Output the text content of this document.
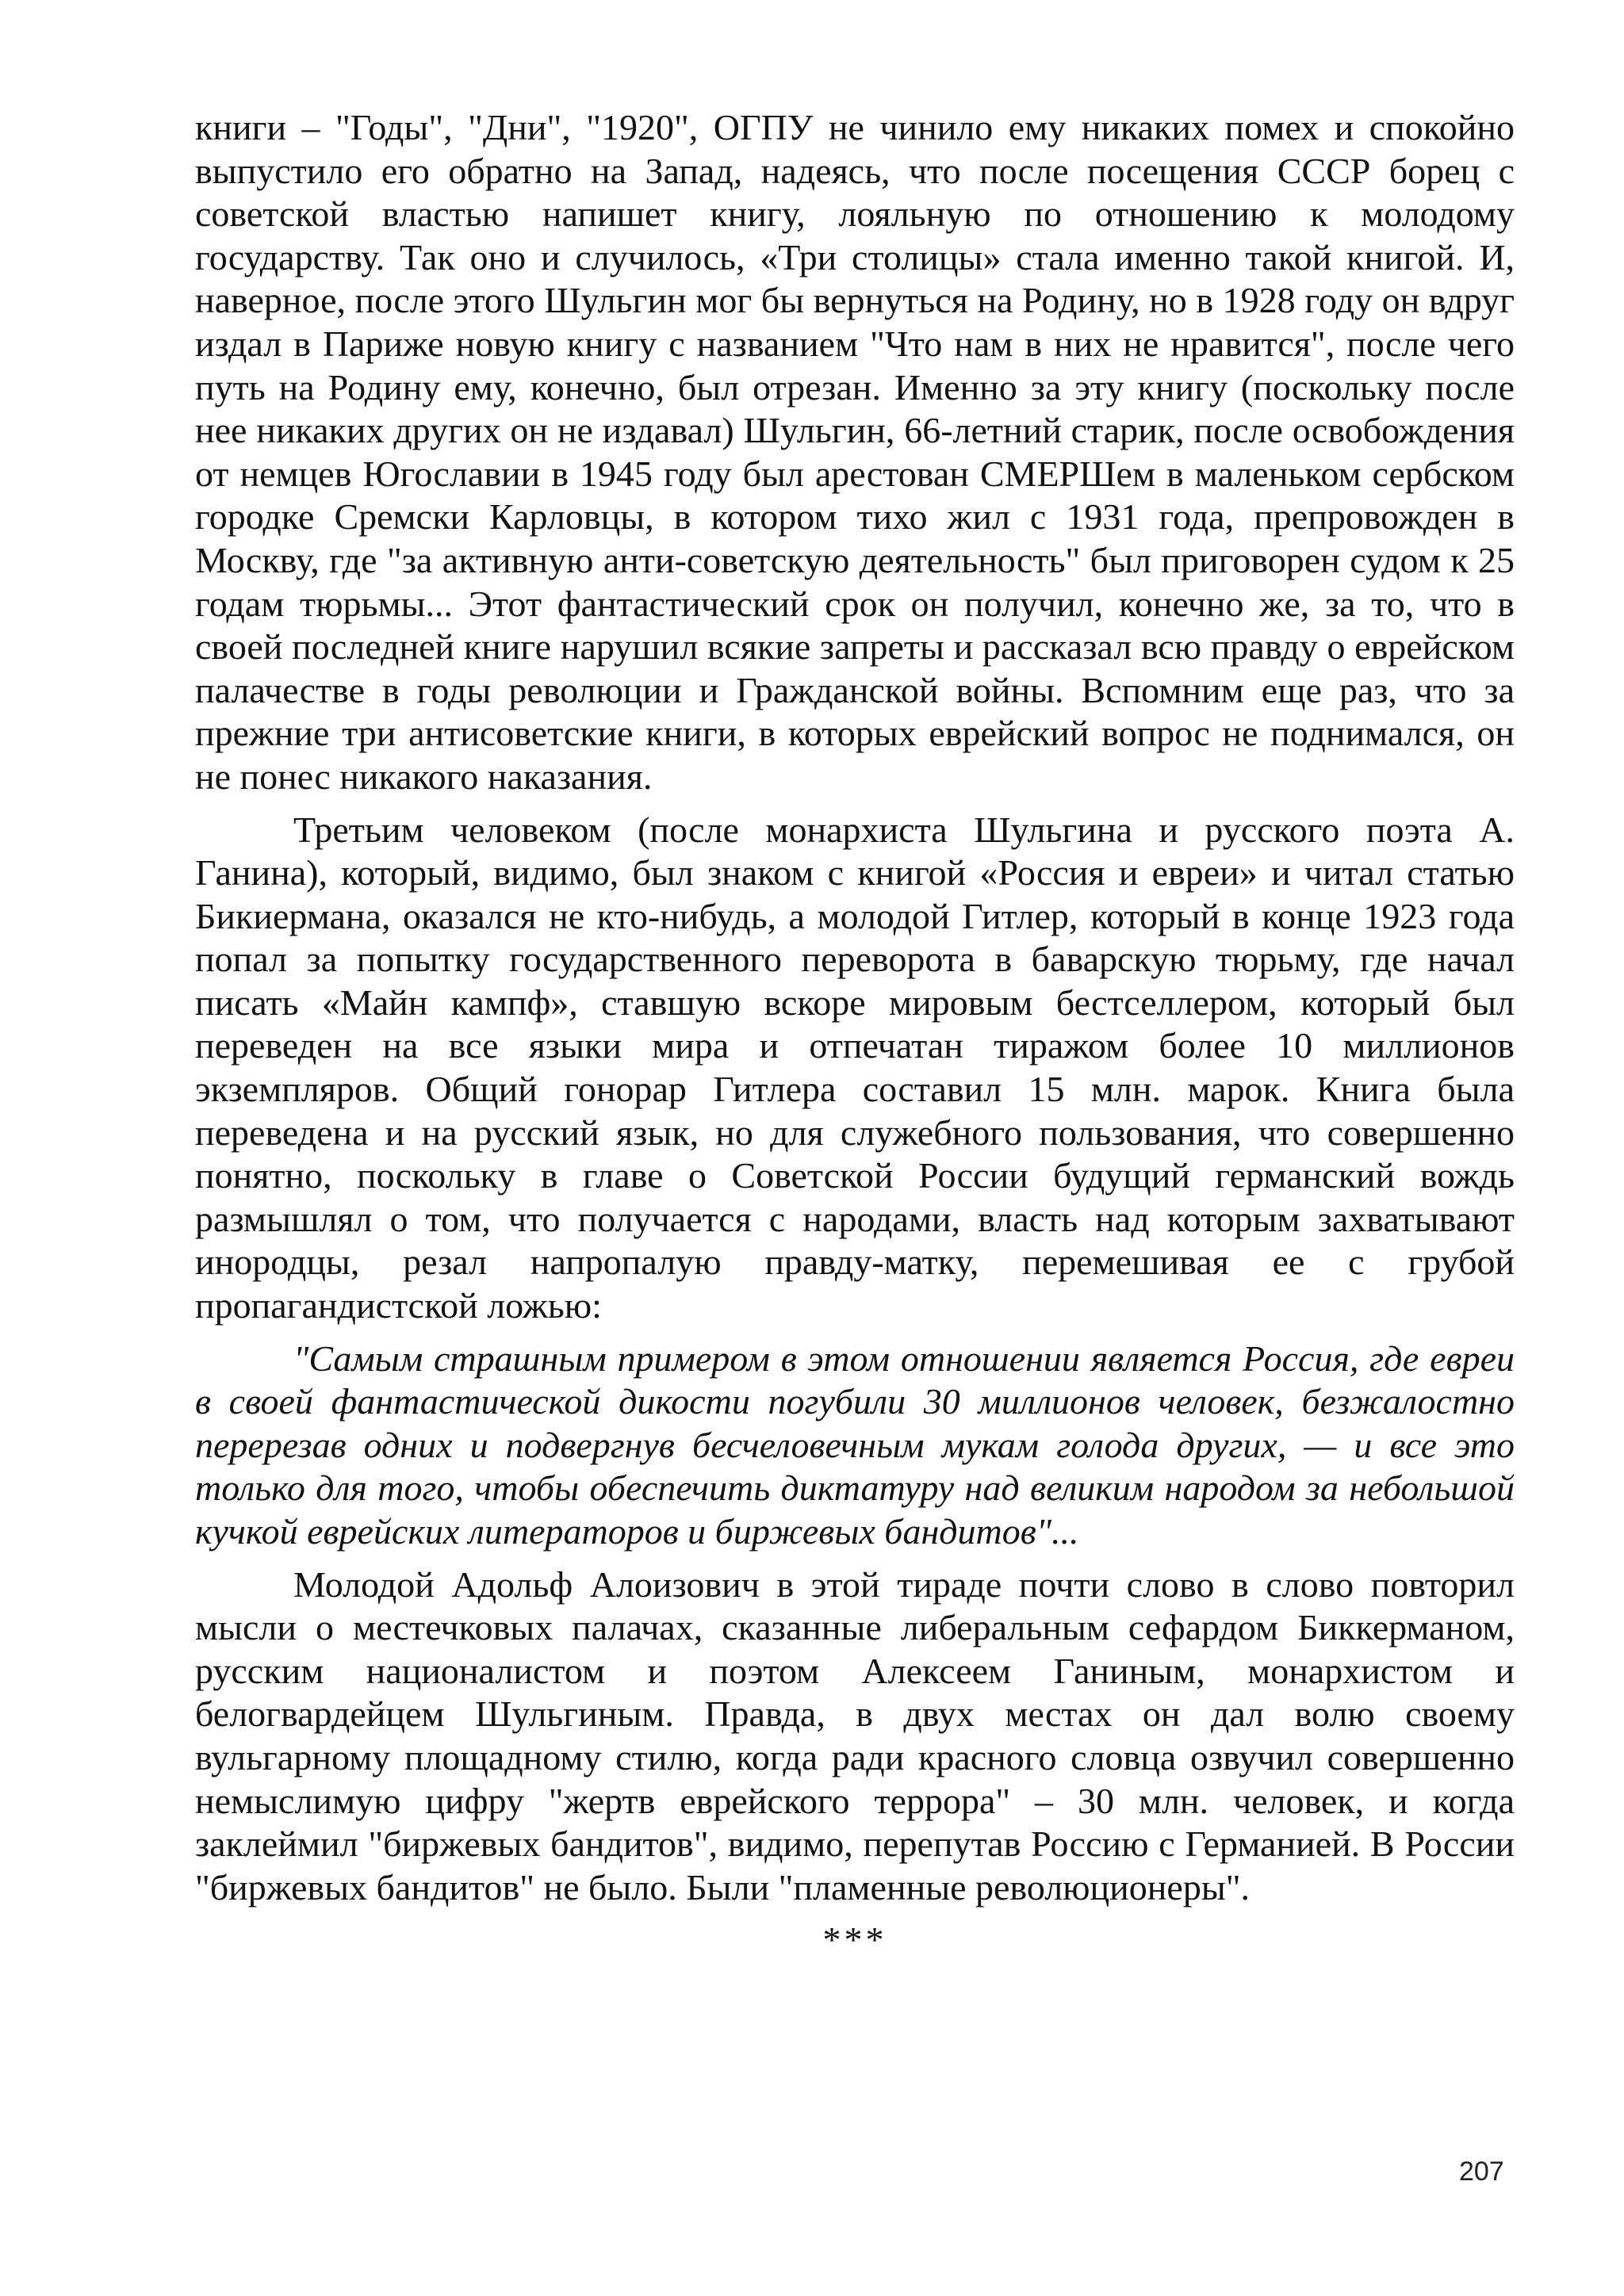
книги – "Годы", "Дни", "1920", ОГПУ не чинило ему никаких помех и спокойно выпустило его обратно на Запад, надеясь, что после посещения СССР борец с советской властью напишет книгу, лояльную по отношению к молодому государству. Так оно и случилось, «Три столицы» стала именно такой книгой. И, наверное, после этого Шульгин мог бы вернуться на Родину, но в 1928 году он вдруг издал в Париже новую книгу с названием "Что нам в них не нравится", после чего путь на Родину ему, конечно, был отрезан. Именно за эту книгу (поскольку после нее никаких других он не издавал) Шульгин, 66-летний старик, после освобождения от немцев Югославии в 1945 году был арестован СМЕРШем в маленьком сербском городке Сремски Карловцы, в котором тихо жил с 1931 года, препровожден в Москву, где "за активную анти-советскую деятельность" был приговорен судом к 25 годам тюрьмы... Этот фантастический срок он получил, конечно же, за то, что в своей последней книге нарушил всякие запреты и рассказал всю правду о еврейском палачестве в годы революции и Гражданской войны. Вспомним еще раз, что за прежние три антисоветские книги, в которых еврейский вопрос не поднимался, он не понес никакого наказания.

Третьим человеком (после монархиста Шульгина и русского поэта А. Ганина), который, видимо, был знаком с книгой «Россия и евреи» и читал статью Бикиермана, оказался не кто-нибудь, а молодой Гитлер, который в конце 1923 года попал за попытку государственного переворота в баварскую тюрьму, где начал писать «Майн кампф», ставшую вскоре мировым бестселлером, который был переведен на все языки мира и отпечатан тиражом более 10 миллионов экземпляров. Общий гонорар Гитлера составил 15 млн. марок. Книга была переведена и на русский язык, но для служебного пользования, что совершенно понятно, поскольку в главе о Советской России будущий германский вождь размышлял о том, что получается с народами, власть над которым захватывают инородцы, резал напропалую правду-матку, перемешивая ее с грубой пропагандистской ложью:

"Самым страшным примером в этом отношении является Россия, где евреи в своей фантастической дикости погубили 30 миллионов человек, безжалостно перерезав одних и подвергнув бесчеловечным мукам голода других, — и все это только для того, чтобы обеспечить диктатуру над великим народом за небольшой кучкой еврейских литераторов и биржевых бандитов"...

Молодой Адольф Алоизович в этой тираде почти слово в слово повторил мысли о местечковых палачах, сказанные либеральным сефардом Биккерманом, русским националистом и поэтом Алексеем Ганиным, монархистом и белогвардейцем Шульгиным. Правда, в двух местах он дал волю своему вульгарному площадному стилю, когда ради красного словца озвучил совершенно немыслимую цифру "жертв еврейского террора" – 30 млн. человек, и когда заклеймил "биржевых бандитов", видимо, перепутав Россию с Германией. В России "биржевых бандитов" не было. Были "пламенные революционеры".

***

207
